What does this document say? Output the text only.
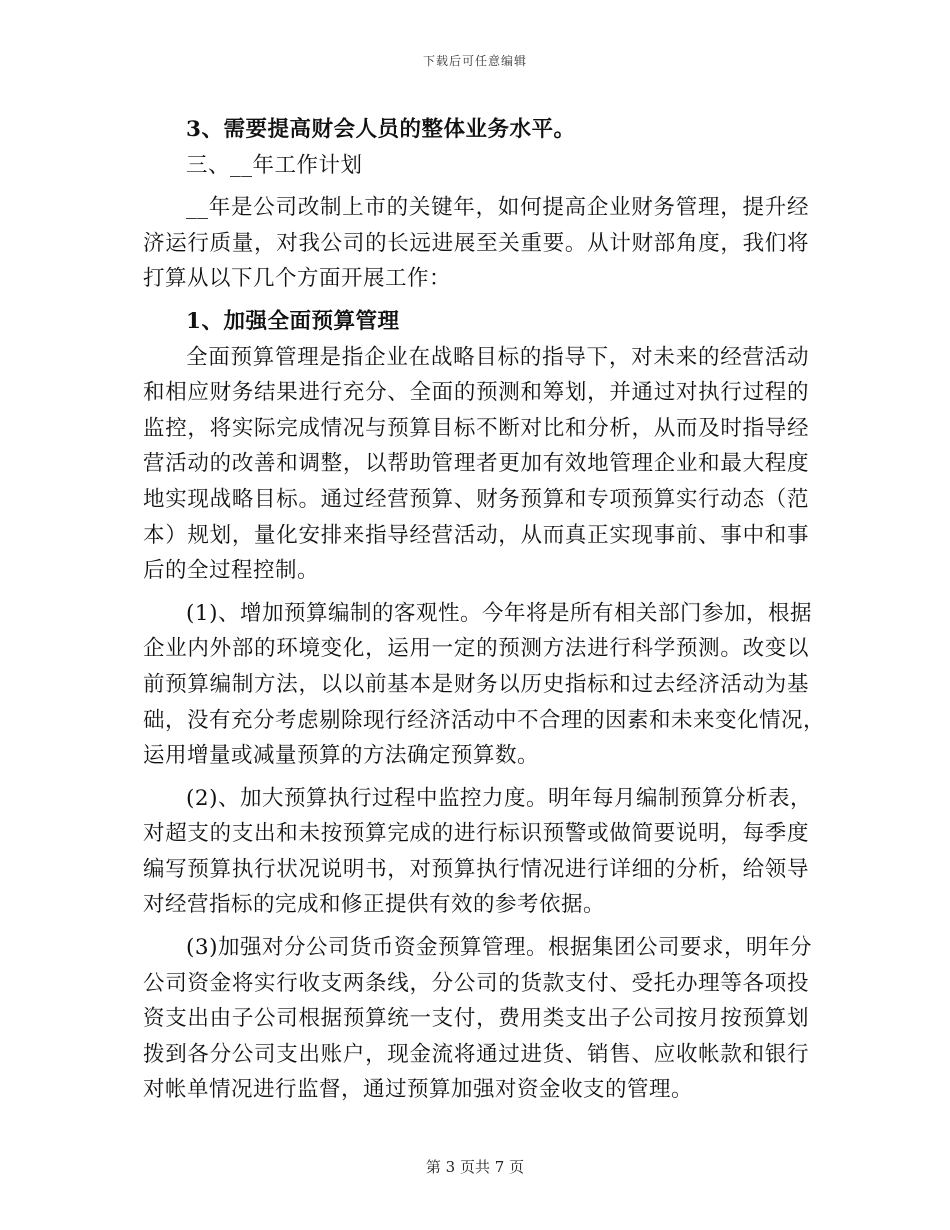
下载后可任意编辑
3、需要提高财会人员的整体业务水平。
三、__年工作计划
__年是公司改制上市的关键年，如何提高企业财务管理，提升经
济运行质量，对我公司的长远进展至关重要。从计财部角度，我们将
打算从以下几个方面开展工作：
1、加强全面预算管理
全面预算管理是指企业在战略目标的指导下，对未来的经营活动
和相应财务结果进行充分、全面的预测和筹划，并通过对执行过程的
监控，将实际完成情况与预算目标不断对比和分析，从而及时指导经
营活动的改善和调整，以帮助管理者更加有效地管理企业和最大程度
地实现战略目标。通过经营预算、财务预算和专项预算实行动态（范
本）规划，量化安排来指导经营活动，从而真正实现事前、事中和事
后的全过程控制。
(1)、增加预算编制的客观性。今年将是所有相关部门参加，根据
企业内外部的环境变化，运用一定的预测方法进行科学预测。改变以
前预算编制方法，以以前基本是财务以历史指标和过去经济活动为基
础，没有充分考虑剔除现行经济活动中不合理的因素和未来变化情况，
运用增量或减量预算的方法确定预算数。
(2)、加大预算执行过程中监控力度。明年每月编制预算分析表，
对超支的支出和未按预算完成的进行标识预警或做简要说明，每季度
编写预算执行状况说明书，对预算执行情况进行详细的分析，给领导
对经营指标的完成和修正提供有效的参考依据。
(3)加强对分公司货币资金预算管理。根据集团公司要求，明年分
公司资金将实行收支两条线，分公司的货款支付、受托办理等各项投
资支出由子公司根据预算统一支付，费用类支出子公司按月按预算划
拨到各分公司支出账户，现金流将通过进货、销售、应收帐款和银行
对帐单情况进行监督，通过预算加强对资金收支的管理。
第 3 页共 7 页
